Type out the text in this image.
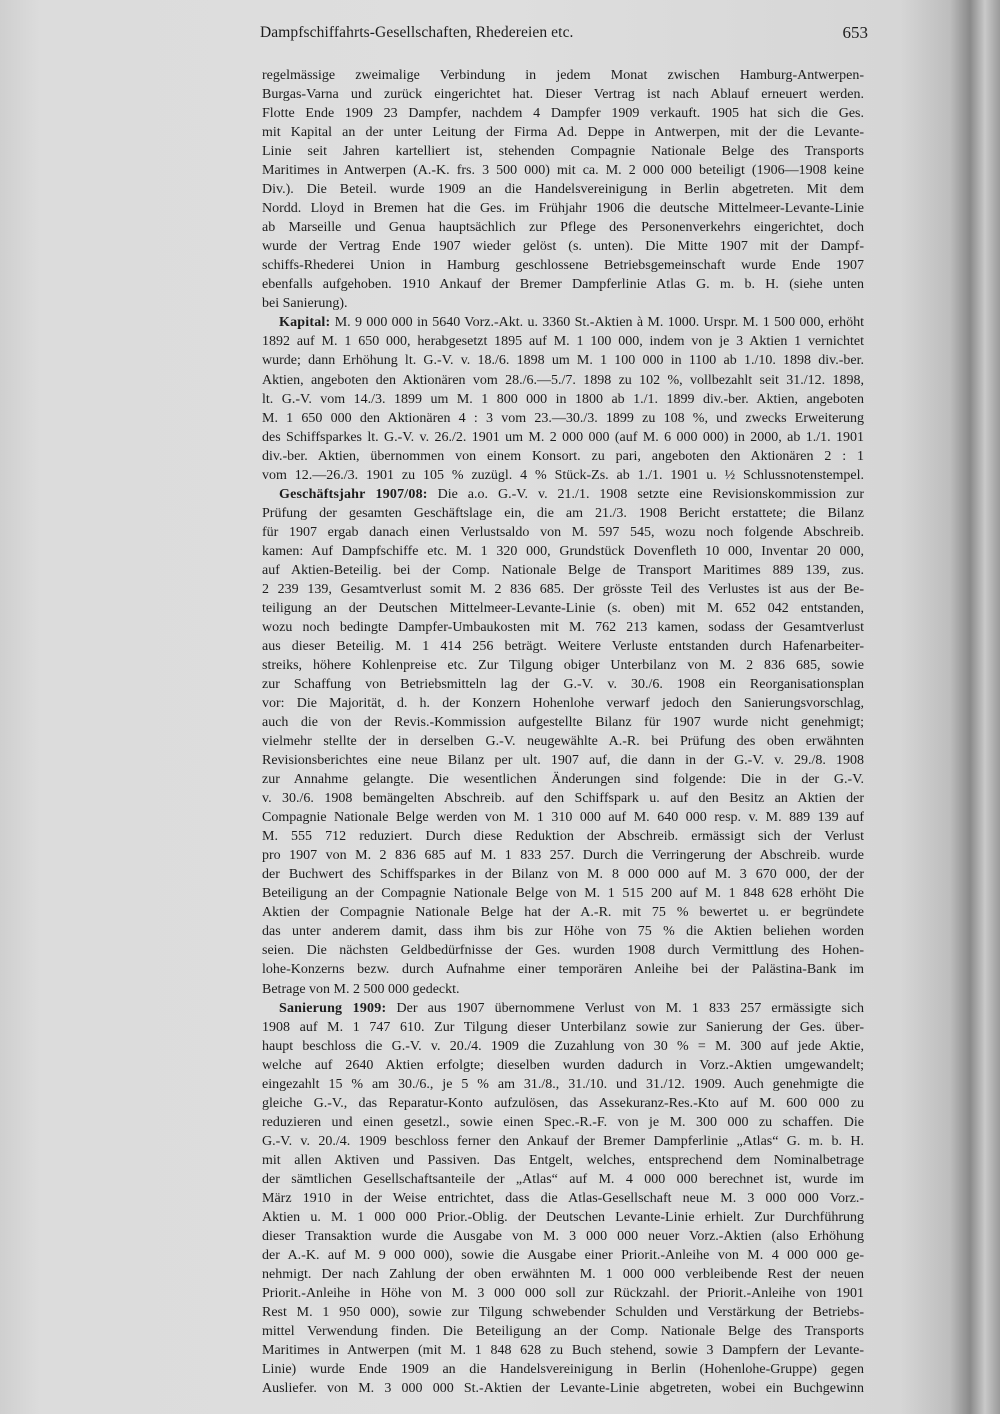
Dampfschiffahrts-Gesellschaften, Rhedereien etc.	653
regelmässige zweimalige Verbindung in jedem Monat zwischen Hamburg-Antwerpen-
Burgas-Varna und zurück eingerichtet hat. Dieser Vertrag ist nach Ablauf erneuert werden.
Flotte Ende 1909 23 Dampfer, nachdem 4 Dampfer 1909 verkauft. 1905 hat sich die Ges.
mit Kapital an der unter Leitung der Firma Ad. Deppe in Antwerpen, mit der die Levante-
Linie seit Jahren kartelliert ist, stehenden Compagnie Nationale Belge des Transports
Maritimes in Antwerpen (A.-K. frs. 3 500 000) mit ca. M. 2 000 000 beteiligt (1906—1908 keine
Div.). Die Beteil. wurde 1909 an die Handelsvereinigung in Berlin abgetreten. Mit dem
Nordd. Lloyd in Bremen hat die Ges. im Frühjahr 1906 die deutsche Mittelmeer-Levante-Linie
ab Marseille und Genua hauptsächlich zur Pflege des Personenverkehrs eingerichtet, doch
wurde der Vertrag Ende 1907 wieder gelöst (s. unten). Die Mitte 1907 mit der Dampf-
schiffs-Rhederei Union in Hamburg geschlossene Betriebsgemeinschaft wurde Ende 1907
ebenfalls aufgehoben. 1910 Ankauf der Bremer Dampferlinie Atlas G. m. b. H. (siehe unten
bei Sanierung).
Kapital: M. 9 000 000 in 5640 Vorz.-Akt. u. 3360 St.-Aktien à M. 1000. Urspr. M. 1 500 000, erhöht
1892 auf M. 1 650 000, herabgesetzt 1895 auf M. 1 100 000, indem von je 3 Aktien 1 vernichtet
wurde; dann Erhöhung lt. G.-V. v. 18./6. 1898 um M. 1 100 000 in 1100 ab 1./10. 1898 div.-ber.
Aktien, angeboten den Aktionären vom 28./6.—5./7. 1898 zu 102 %, vollbezahlt seit 31./12. 1898,
lt. G.-V. vom 14./3. 1899 um M. 1 800 000 in 1800 ab 1./1. 1899 div.-ber. Aktien, angeboten
M. 1 650 000 den Aktionären 4 : 3 vom 23.—30./3. 1899 zu 108 %, und zwecks Erweiterung
des Schiffsparkes lt. G.-V. v. 26./2. 1901 um M. 2 000 000 (auf M. 6 000 000) in 2000, ab 1./1. 1901
div.-ber. Aktien, übernommen von einem Konsort. zu pari, angeboten den Aktionären 2 : 1
vom 12.—26./3. 1901 zu 105 % zuzügl. 4 % Stück-Zs. ab 1./1. 1901 u. ½ Schlussnotenstempel.
Geschäftsjahr 1907/08: Die a.o. G.-V. v. 21./1. 1908 setzte eine Revisionskommission zur
Prüfung der gesamten Geschäftslage ein, die am 21./3. 1908 Bericht erstattete; die Bilanz
für 1907 ergab danach einen Verlustsaldo von M. 597 545, wozu noch folgende Abschreib.
kamen: Auf Dampfschiffe etc. M. 1 320 000, Grundstück Dovenfleth 10 000, Inventar 20 000,
auf Aktien-Beteilig. bei der Comp. Nationale Belge de Transport Maritimes 889 139, zus.
2 239 139, Gesamtverlust somit M. 2 836 685. Der grösste Teil des Verlustes ist aus der Be-
teiligung an der Deutschen Mittelmeer-Levante-Linie (s. oben) mit M. 652 042 entstanden,
wozu noch bedingte Dampfer-Umbaukosten mit M. 762 213 kamen, sodass der Gesamtverlust
aus dieser Beteilig. M. 1 414 256 beträgt. Weitere Verluste entstanden durch Hafenarbeiter-
streiks, höhere Kohlenpreise etc. Zur Tilgung obiger Unterbilanz von M. 2 836 685, sowie
zur Schaffung von Betriebsmitteln lag der G.-V. v. 30./6. 1908 ein Reorganisationsplan
vor: Die Majorität, d. h. der Konzern Hohenlohe verwarf jedoch den Sanierungsvorschlag,
auch die von der Revis.-Kommission aufgestellte Bilanz für 1907 wurde nicht genehmigt;
vielmehr stellte der in derselben G.-V. neugewählte A.-R. bei Prüfung des oben erwähnten
Revisionsberichtes eine neue Bilanz per ult. 1907 auf, die dann in der G.-V. v. 29./8. 1908
zur Annahme gelangte. Die wesentlichen Änderungen sind folgende: Die in der G.-V.
v. 30./6. 1908 bemängelten Abschreib. auf den Schiffspark u. auf den Besitz an Aktien der
Compagnie Nationale Belge werden von M. 1 310 000 auf M. 640 000 resp. v. M. 889 139 auf
M. 555 712 reduziert. Durch diese Reduktion der Abschreib. ermässigt sich der Verlust
pro 1907 von M. 2 836 685 auf M. 1 833 257. Durch die Verringerung der Abschreib. wurde
der Buchwert des Schiffsparkes in der Bilanz von M. 8 000 000 auf M. 3 670 000, der der
Beteiligung an der Compagnie Nationale Belge von M. 1 515 200 auf M. 1 848 628 erhöht Die
Aktien der Compagnie Nationale Belge hat der A.-R. mit 75 % bewertet u. er begründete
das unter anderem damit, dass ihm bis zur Höhe von 75 % die Aktien beliehen worden
seien. Die nächsten Geldbedürfnisse der Ges. wurden 1908 durch Vermittlung des Hohen-
lohe-Konzerns bezw. durch Aufnahme einer temporären Anleihe bei der Palästina-Bank im
Betrage von M. 2 500 000 gedeckt.
Sanierung 1909: Der aus 1907 übernommene Verlust von M. 1 833 257 ermässigte sich
1908 auf M. 1 747 610. Zur Tilgung dieser Unterbilanz sowie zur Sanierung der Ges. über-
haupt beschloss die G.-V. v. 20./4. 1909 die Zuzahlung von 30 % = M. 300 auf jede Aktie,
welche auf 2640 Aktien erfolgte; dieselben wurden dadurch in Vorz.-Aktien umgewandelt;
eingezahlt 15 % am 30./6., je 5 % am 31./8., 31./10. und 31./12. 1909. Auch genehmigte die
gleiche G.-V., das Reparatur-Konto aufzulösen, das Assekuranz-Res.-Kto auf M. 600 000 zu
reduzieren und einen gesetzl., sowie einen Spec.-R.-F. von je M. 300 000 zu schaffen. Die
G.-V. v. 20./4. 1909 beschloss ferner den Ankauf der Bremer Dampferlinie „Atlas“ G. m. b. H.
mit allen Aktiven und Passiven. Das Entgelt, welches, entsprechend dem Nominalbetrage
der sämtlichen Gesellschaftsanteile der „Atlas“ auf M. 4 000 000 berechnet ist, wurde im
März 1910 in der Weise entrichtet, dass die Atlas-Gesellschaft neue M. 3 000 000 Vorz.-
Aktien u. M. 1 000 000 Prior.-Oblig. der Deutschen Levante-Linie erhielt. Zur Durchführung
dieser Transaktion wurde die Ausgabe von M. 3 000 000 neuer Vorz.-Aktien (also Erhöhung
der A.-K. auf M. 9 000 000), sowie die Ausgabe einer Priorit.-Anleihe von M. 4 000 000 ge-
nehmigt. Der nach Zahlung der oben erwähnten M. 1 000 000 verbleibende Rest der neuen
Priorit.-Anleihe in Höhe von M. 3 000 000 soll zur Rückzahl. der Priorit.-Anleihe von 1901
Rest M. 1 950 000), sowie zur Tilgung schwebender Schulden und Verstärkung der Betriebs-
mittel Verwendung finden. Die Beteiligung an der Comp. Nationale Belge des Transports
Maritimes in Antwerpen (mit M. 1 848 628 zu Buch stehend, sowie 3 Dampfern der Levante-
Linie) wurde Ende 1909 an die Handelsvereinigung in Berlin (Hohenlohe-Gruppe) gegen
Ausliefer. von M. 3 000 000 St.-Aktien der Levante-Linie abgetreten, wobei ein Buchgewinn
